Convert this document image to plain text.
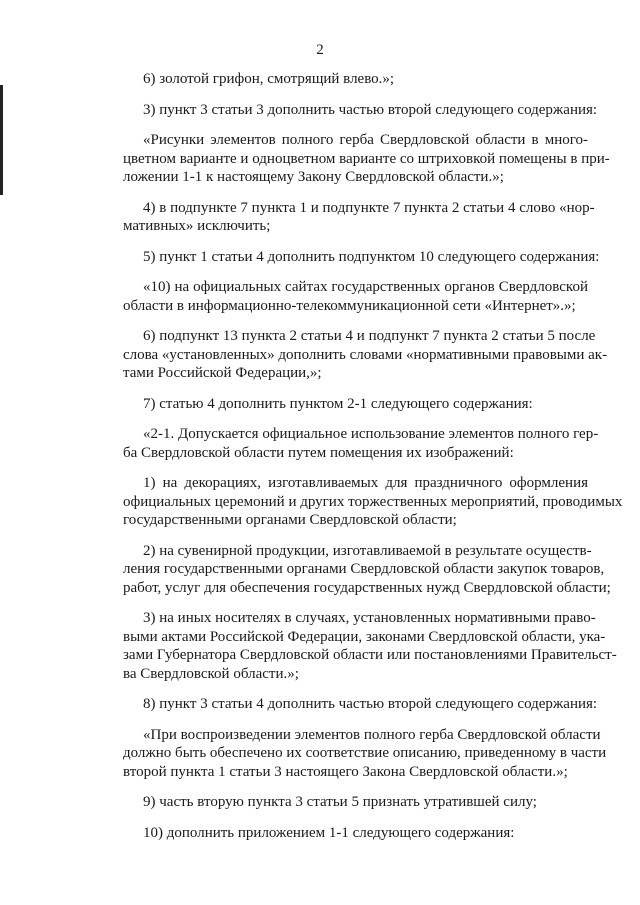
2
6) золотой грифон, смотрящий влево.»;
3) пункт 3 статьи 3 дополнить частью второй следующего содержания:
«Рисунки элементов полного герба Свердловской области в много-
цветном варианте и одноцветном варианте со штриховкой помещены в при-
ложении 1-1 к настоящему Закону Свердловской области.»;
4) в подпункте 7 пункта 1 и подпункте 7 пункта 2 статьи 4 слово «нор-
мативных» исключить;
5) пункт 1 статьи 4 дополнить подпунктом 10 следующего содержания:
«10) на официальных сайтах государственных органов Свердловской
области в информационно-телекоммуникационной сети «Интернет».»;
6) подпункт 13 пункта 2 статьи 4 и подпункт 7 пункта 2 статьи 5 после
слова «установленных» дополнить словами «нормативными правовыми ак-
тами Российской Федерации,»;
7) статью 4 дополнить пунктом 2-1 следующего содержания:
«2-1. Допускается официальное использование элементов полного гер-
ба Свердловской области путем помещения их изображений:
1) на декорациях, изготавливаемых для праздничного оформления
официальных церемоний и других торжественных мероприятий, проводимых
государственными органами Свердловской области;
2) на сувенирной продукции, изготавливаемой в результате осуществ-
ления государственными органами Свердловской области закупок товаров,
работ, услуг для обеспечения государственных нужд Свердловской области;
3) на иных носителях в случаях, установленных нормативными право-
выми актами Российской Федерации, законами Свердловской области, ука-
зами Губернатора Свердловской области или постановлениями Правительст-
ва Свердловской области.»;
8) пункт 3 статьи 4 дополнить частью второй следующего содержания:
«При воспроизведении элементов полного герба Свердловской области
должно быть обеспечено их соответствие описанию, приведенному в части
второй пункта 1 статьи 3 настоящего Закона Свердловской области.»;
9) часть вторую пункта 3 статьи 5 признать утратившей силу;
10) дополнить приложением 1-1 следующего содержания:
